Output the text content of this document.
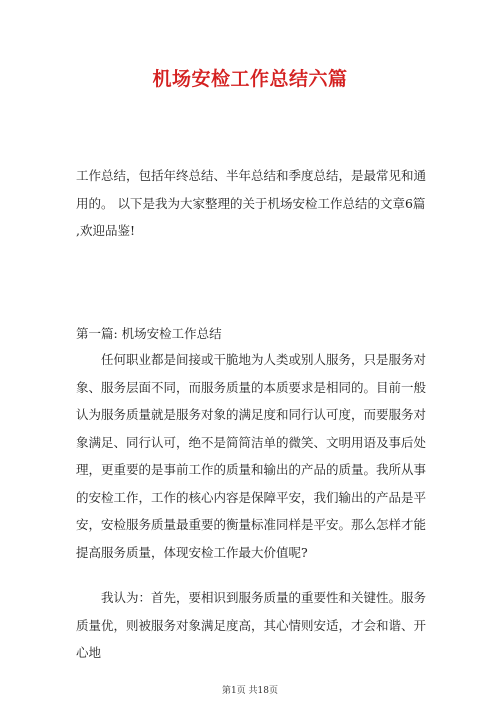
机场安检工作总结六篇

工作总结，包括年终总结、半年总结和季度总结，是最常见和通用的。 以下是我为大家整理的关于机场安检工作总结的文章6篇 ,欢迎品鉴!

第一篇: 机场安检工作总结

任何职业都是间接或干脆地为人类或别人服务，只是服务对象、服务层面不同，而服务质量的本质要求是相同的。目前一般认为服务质量就是服务对象的满足度和同行认可度，而要服务对象满足、同行认可，绝不是简简洁单的微笑、文明用语及事后处理，更重要的是事前工作的质量和输出的产品的质量。我所从事的安检工作，工作的核心内容是保障平安，我们输出的产品是平安，安检服务质量最重要的衡量标准同样是平安。那么怎样才能提高服务质量，体现安检工作最大价值呢?

我认为：首先，要相识到服务质量的重要性和关键性。服务质量优，则被服务对象满足度高，其心情则安适，才会和谐、开心地

第1页 共18页
